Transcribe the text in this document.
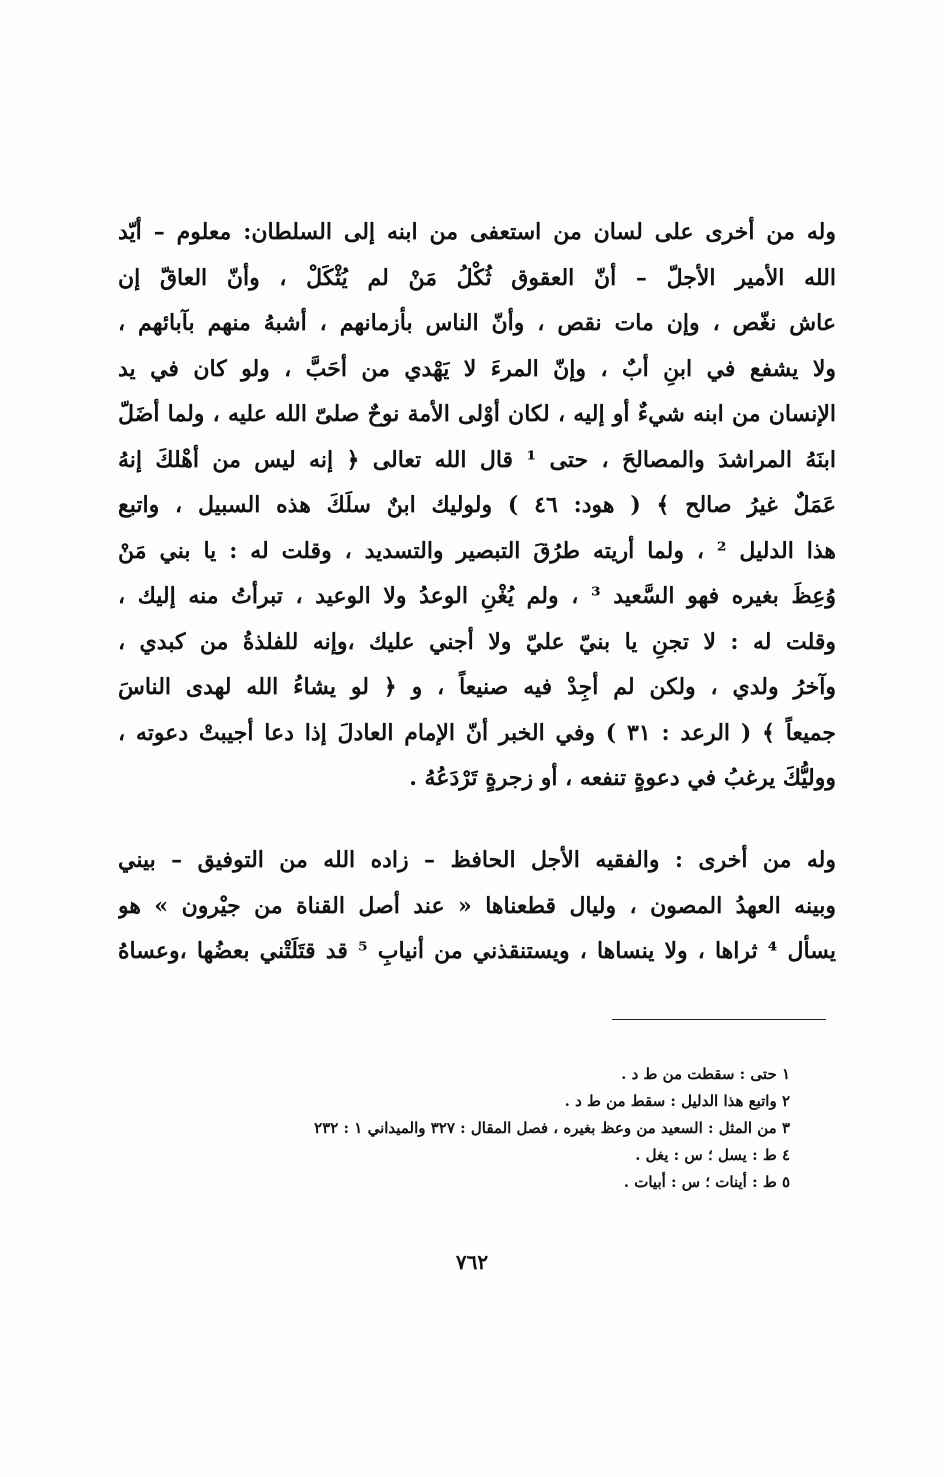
وله من أخرى على لسان من استعفى من ابنه إلى السلطان: معلوم – أيّد
الله الأمير الأجلّ – أنّ العقوق ثُكْلُ مَنْ لم يُثْكَلْ ، وأنّ العاقّ إن
عاش نغّص ، وإن مات نقص ، وأنّ الناس بأزمانهم ، أشبهُ منهم بآبائهم ،
ولا يشفع في ابنِ أبٌ ، وإنّ المرءَ لا يَهْدي من أحَبَّ ، ولو كان في يد
الإنسان من ابنه شيءٌ أو إليه ، لكان أوْلى الأمة نوحٌ صلىّ الله عليه ، ولما أضَلّ
ابنَهُ المراشدَ والمصالحَ ، حتى ¹ قال الله تعالى ﴿ إنه ليس من أهْلكَ إنهُ
عَمَلٌ غيرُ صالح ﴾ ( هود: ٤٦ ) ولوليك ابنٌ سلَكَ هذه السبيل ، واتبع
هذا الدليل ² ، ولما أريته طرُقَ التبصير والتسديد ، وقلت له : يا بني مَنْ
وُعِظَ بغيره فهو السَّعيد ³ ، ولم يُغْنِ الوعدُ ولا الوعيد ، تبرأتُ منه إليك ،
وقلت له : لا تجنِ يا بنيّ عليّ ولا أجني عليك ،وإنه للفلذةُ من كبدي ،
وآخرُ ولدي ، ولكن لم أجِدْ فيه صنيعاً ، و ﴿ لو يشاءُ الله لهدى الناسَ
جميعاً ﴾ ( الرعد : ٣١ ) وفي الخبر أنّ الإمام العادلَ إذا دعا أجيبتْ دعوته ،
ووليُّكَ يرغبُ في دعوةٍ تنفعه ، أو زجرةٍ تَرْدَعُهُ .
وله من أخرى : والفقيه الأجل الحافظ – زاده الله من التوفيق – بيني
وبينه العهدُ المصون ، وليال قطعناها « عند أصل القناة من جيْرون » هو
يسأل ⁴ ثراها ، ولا ينساها ، ويستنقذني من أنيابِ ⁵ قد قتَلَتْني بعضُها ،وعساهُ
١ حتى : سقطت من ط د .
٢ واتبع هذا الدليل : سقط من ط د .
٣ من المثل : السعيد من وعظ بغيره ، فصل المقال : ٣٢٧ والميداني ١ : ٢٣٢
٤ ط : يسل ؛ س : يغل .
٥ ط : أينات ؛ س : أبيات .
٧٦٢
